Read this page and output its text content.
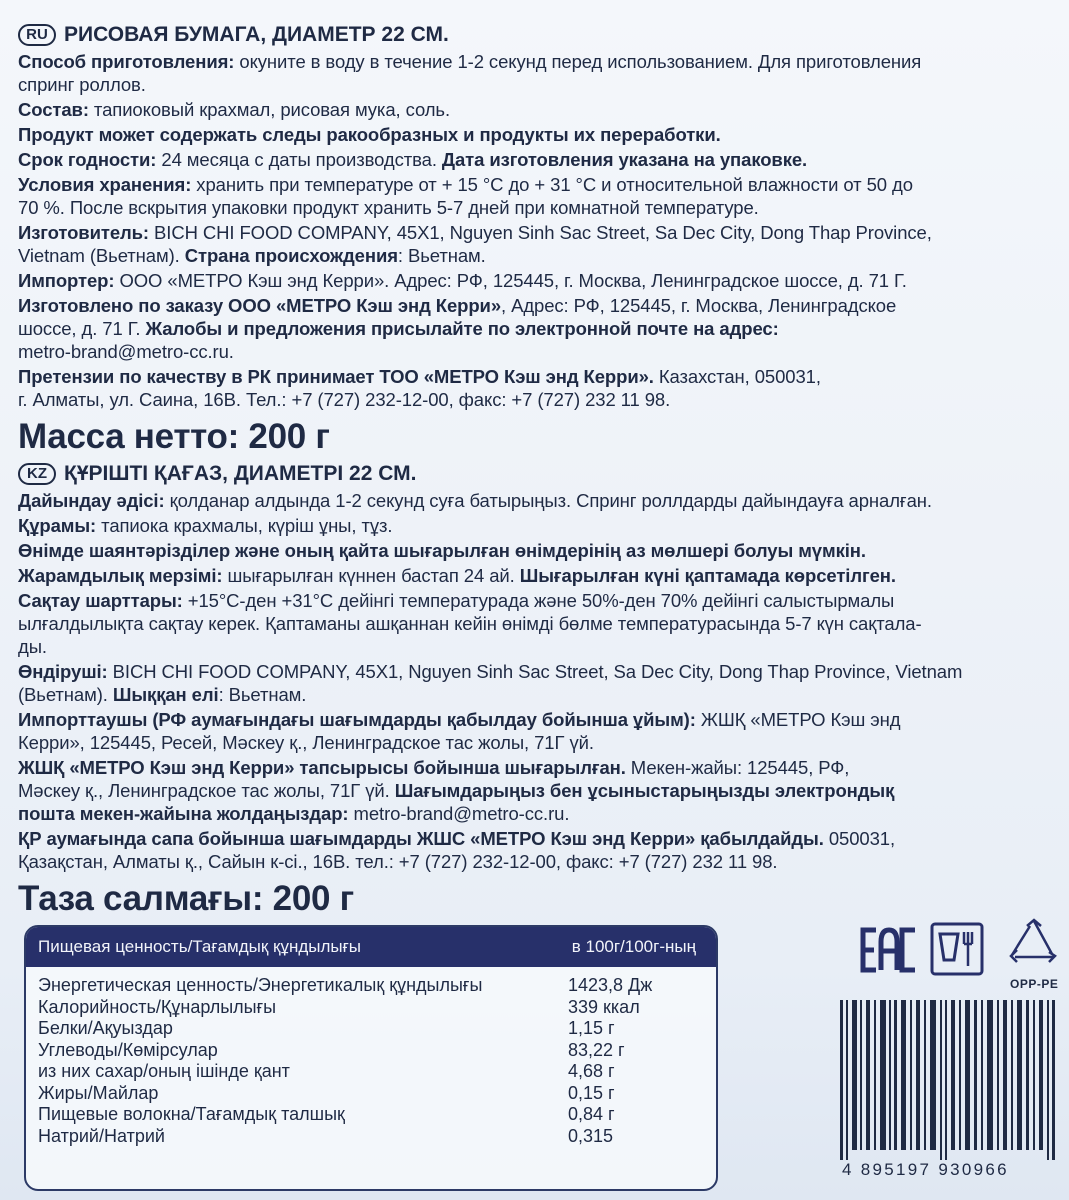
RU РИСОВАЯ БУМАГА, ДИАМЕТР 22 СМ.
Способ приготовления: окуните в воду в течение 1-2 секунд перед использованием. Для приготовления
спринг роллов.
Состав: тапиоковый крахмал, рисовая мука, соль.
Продукт может содержать следы ракообразных и продукты их переработки.
Срок годности: 24 месяца с даты производства. Дата изготовления указана на упаковке.
Условия хранения: хранить при температуре от + 15 °С до + 31 °С и относительной влажности от 50 до
70 %. После вскрытия упаковки продукт хранить 5-7 дней при комнатной температуре.
Изготовитель: BICH CHI FOOD COMPANY, 45X1, Nguyen Sinh Sac Street, Sa Dec City, Dong Thap Province,
Vietnam (Вьетнам). Страна происхождения: Вьетнам.
Импортер: ООО «МЕТРО Кэш энд Керри». Адрес: РФ, 125445, г. Москва, Ленинградское шоссе, д. 71 Г.
Изготовлено по заказу ООО «МЕТРО Кэш энд Керри», Адрес: РФ, 125445, г. Москва, Ленинградское
шоссе, д. 71 Г. Жалобы и предложения присылайте по электронной почте на адрес:
metro-brand@metro-cc.ru.
Претензии по качеству в РК принимает ТОО «МЕТРО Кэш энд Керри». Казахстан, 050031,
г. Алматы, ул. Саина, 16В. Тел.: +7 (727) 232-12-00, факс: +7 (727) 232 11 98.
Масса нетто: 200 г
KZ ҚҰРІШТІ ҚАҒАЗ, ДИАМЕТРІ 22 СМ.
Дайындау әдісі: қолданар алдында 1-2 секунд суға батырыңыз. Спринг роллдарды дайындауға арналған.
Құрамы: тапиока крахмалы, күріш ұны, тұз.
Өнімде шаянтәрізділер және оның қайта шығарылған өнімдерінің аз мөлшері болуы мүмкін.
Жарамдылық мерзімі: шығарылған күннен бастап 24 ай. Шығарылған күні қаптамада көрсетілген.
Сақтау шарттары: +15°С-ден +31°С дейінгі температурада және 50%-ден 70% дейінгі салыстырмалы
ылғалдылықта сақтау керек. Қаптаманы ашқаннан кейін өнімді бөлме температурасында 5-7 күн сақтала-
ды.
Өндіруші: BICH CHI FOOD COMPANY, 45X1, Nguyen Sinh Sac Street, Sa Dec City, Dong Thap Province, Vietnam
(Вьетнам). Шыққан елі: Вьетнам.
Импорттаушы (РФ аумағындағы шағымдарды қабылдау бойынша ұйым): ЖШҚ «МЕТРО Кэш энд
Керри», 125445, Ресей, Мәскеу қ., Ленинградское тас жолы, 71Г үй.
ЖШҚ «МЕТРО Кэш энд Керри» тапсырысы бойынша шығарылған. Мекен-жайы: 125445, РФ,
Мәскеу қ., Ленинградское тас жолы, 71Г үй. Шағымдарыңыз бен ұсыныстарыңызды электрондық
пошта мекен-жайына жолдаңыздар: metro-brand@metro-cc.ru.
ҚР аумағында сапа бойынша шағымдарды ЖШС «МЕТРО Кэш энд Керри» қабылдайды. 050031,
Қазақстан, Алматы қ., Сайын к-сі., 16В. тел.: +7 (727) 232-12-00, факс: +7 (727) 232 11 98.
Таза салмағы: 200 г
Пищевая ценность/Тағамдық құндылығы	в 100г/100г-ның
Энергетическая ценность/Энергетикалық құндылығы	1423,8 Дж
Калорийность/Құнарлылығы	339 ккал
Белки/Ақуыздар	1,15 г
Углеводы/Көмірсулар	83,22 г
из них сахар/оның ішінде қант	4,68 г
Жиры/Майлар	0,15 г
Пищевые волокна/Тағамдық талшық	0,84 г
Натрий/Натрий	0,315
OPP-PE
4 895197 930966
